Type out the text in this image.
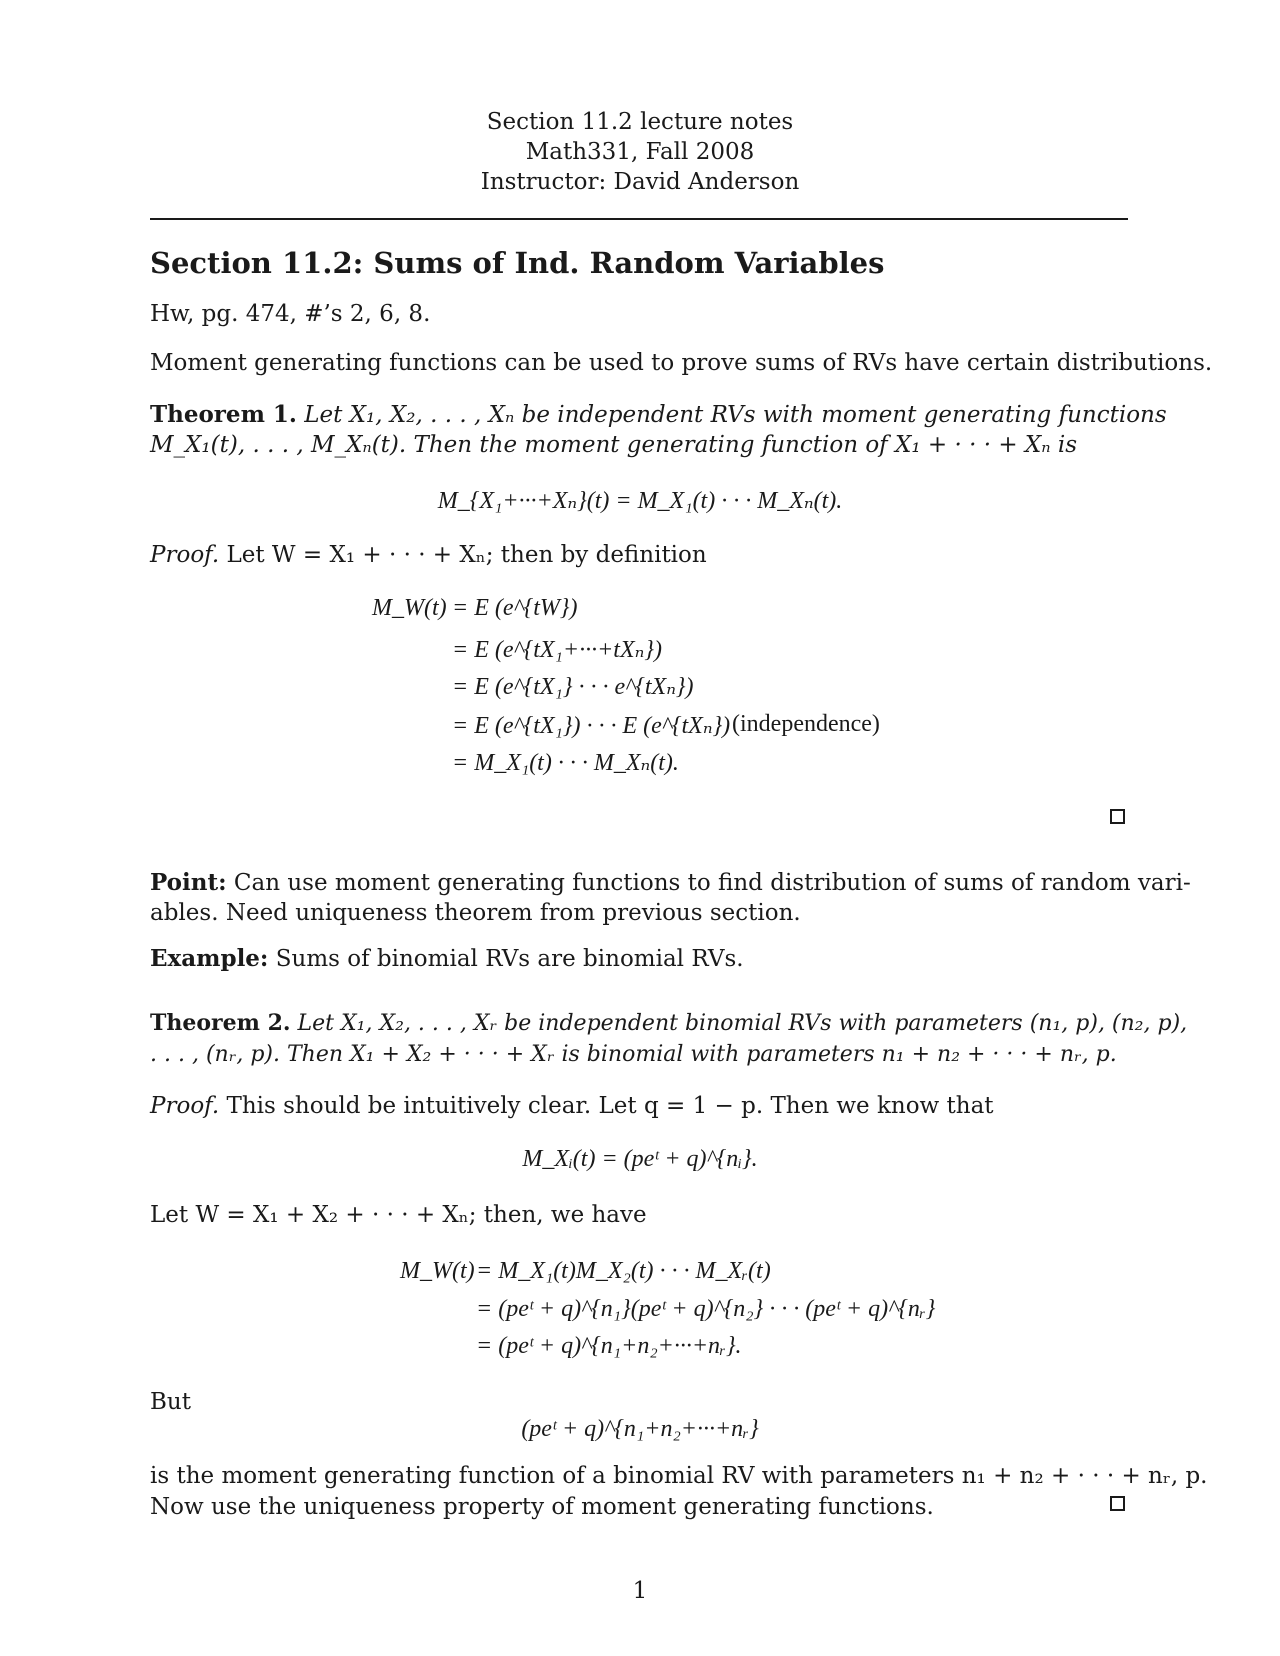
Section 11.2 lecture notes
Math331, Fall 2008
Instructor: David Anderson
Section 11.2: Sums of Ind. Random Variables
Hw, pg. 474, #’s 2, 6, 8.
Moment generating functions can be used to prove sums of RVs have certain distributions.
Theorem 1. Let X₁, X₂, . . . , Xₙ be independent RVs with moment generating functions
M_X₁(t), . . . , M_Xₙ(t). Then the moment generating function of X₁ + · · · + Xₙ is
M_{X₁+···+Xₙ}(t) = M_X₁(t) · · · M_Xₙ(t).
Proof. Let W = X₁ + · · · + Xₙ; then by definition
M_W(t) = E (e^{tW})
= E (e^{tX₁+···+tXₙ})
= E (e^{tX₁} · · · e^{tXₙ})
= E (e^{tX₁}) · · · E (e^{tXₙ}) (independence)
= M_X₁(t) · · · M_Xₙ(t).
Point: Can use moment generating functions to find distribution of sums of random vari-
ables. Need uniqueness theorem from previous section.
Example: Sums of binomial RVs are binomial RVs.
Theorem 2. Let X₁, X₂, . . . , Xᵣ be independent binomial RVs with parameters (n₁, p), (n₂, p),
. . . , (nᵣ, p). Then X₁ + X₂ + · · · + Xᵣ is binomial with parameters n₁ + n₂ + · · · + nᵣ, p.
Proof. This should be intuitively clear. Let q = 1 − p. Then we know that
M_Xᵢ(t) = (peᵗ + q)^{nᵢ}.
Let W = X₁ + X₂ + · · · + Xₙ; then, we have
M_W(t) = M_X₁(t)M_X₂(t) · · · M_Xᵣ(t)
= (peᵗ + q)^{n₁}(peᵗ + q)^{n₂} · · · (peᵗ + q)^{nᵣ}
= (peᵗ + q)^{n₁+n₂+···+nᵣ}.
But
(peᵗ + q)^{n₁+n₂+···+nᵣ}
is the moment generating function of a binomial RV with parameters n₁ + n₂ + · · · + nᵣ, p.
Now use the uniqueness property of moment generating functions.
1
